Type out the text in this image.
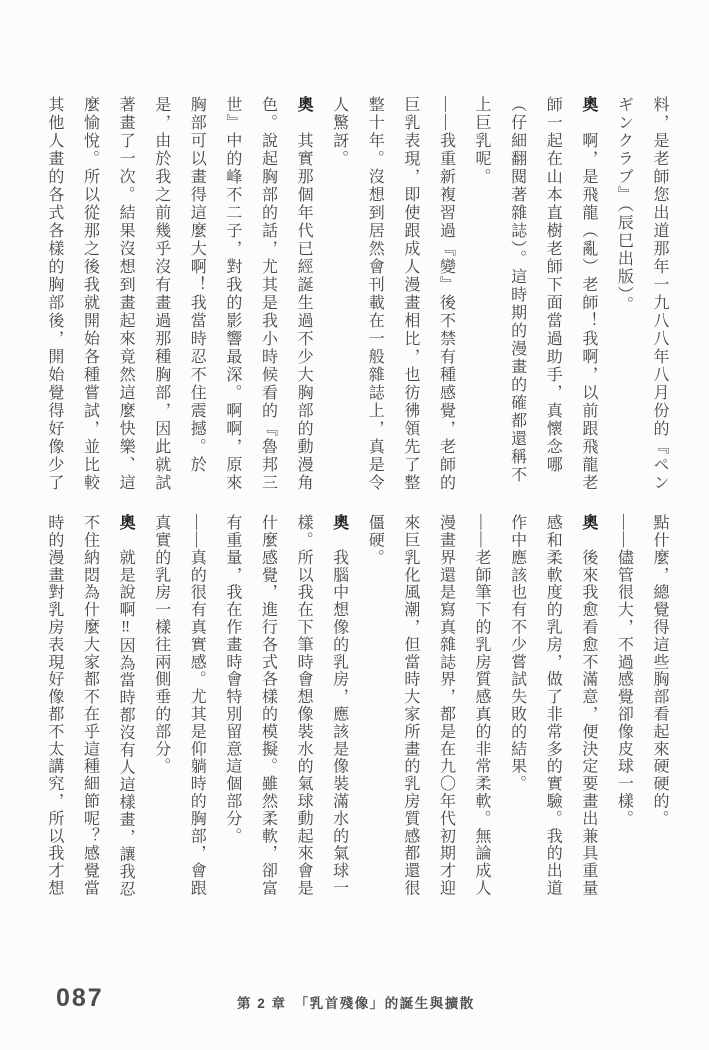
料，是老師您出道那年一九八八年八月份的『ペン

ギンクラブ』（辰巳出版）。

奧　啊，是飛龍（亂）老師！我啊，以前跟飛龍老

師一起在山本直樹老師下面當過助手，真懷念哪

（仔細翻閱著雜誌）。這時期的漫畫的確都還稱不

上巨乳呢。

——我重新複習過『變』後不禁有種感覺，老師的

巨乳表現，即使跟成人漫畫相比，也彷彿領先了整

整十年。沒想到居然會刊載在一般雜誌上，真是令

人驚訝。

奧　其實那個年代已經誕生過不少大胸部的動漫角

色。說起胸部的話，尤其是我小時候看的『魯邦三

世』中的峰不二子，對我的影響最深。啊啊，原來

胸部可以畫得這麼大啊！我當時忍不住震撼。於

是，由於我之前幾乎沒有畫過那種胸部，因此就試

著畫了一次。結果沒想到畫起來竟然這麼快樂、這

麼愉悅。所以從那之後我就開始各種嘗試，並比較

其他人畫的各式各樣的胸部後，開始覺得好像少了

點什麼，總覺得這些胸部看起來硬硬的。

——儘管很大，不過感覺卻像皮球一樣。

奧　後來我愈看愈不滿意，便決定要畫出兼具重量

感和柔軟度的乳房，做了非常多的實驗。我的出道

作中應該也有不少嘗試失敗的結果。

——老師筆下的乳房質感真的非常柔軟。無論成人

漫畫界還是寫真雜誌界，都是在九〇年代初期才迎

來巨乳化風潮，但當時大家所畫的乳房質感都還很

僵硬。

奧　我腦中想像的乳房，應該是像裝滿水的氣球一

樣。所以我在下筆時會想像裝水的氣球動起來會是

什麼感覺，進行各式各樣的模擬。雖然柔軟，卻富

有重量，我在作畫時會特別留意這個部分。

——真的很有真實感。尤其是仰躺時的胸部，會跟

真實的乳房一樣往兩側垂的部分。

奧　就是說啊‼因為當時都沒有人這樣畫，讓我忍

不住納悶為什麼大家都不在乎這種細節呢？感覺當

時的漫畫對乳房表現好像都不太講究，所以我才想

087	第 2 章　「乳首殘像」的誕生與擴散
